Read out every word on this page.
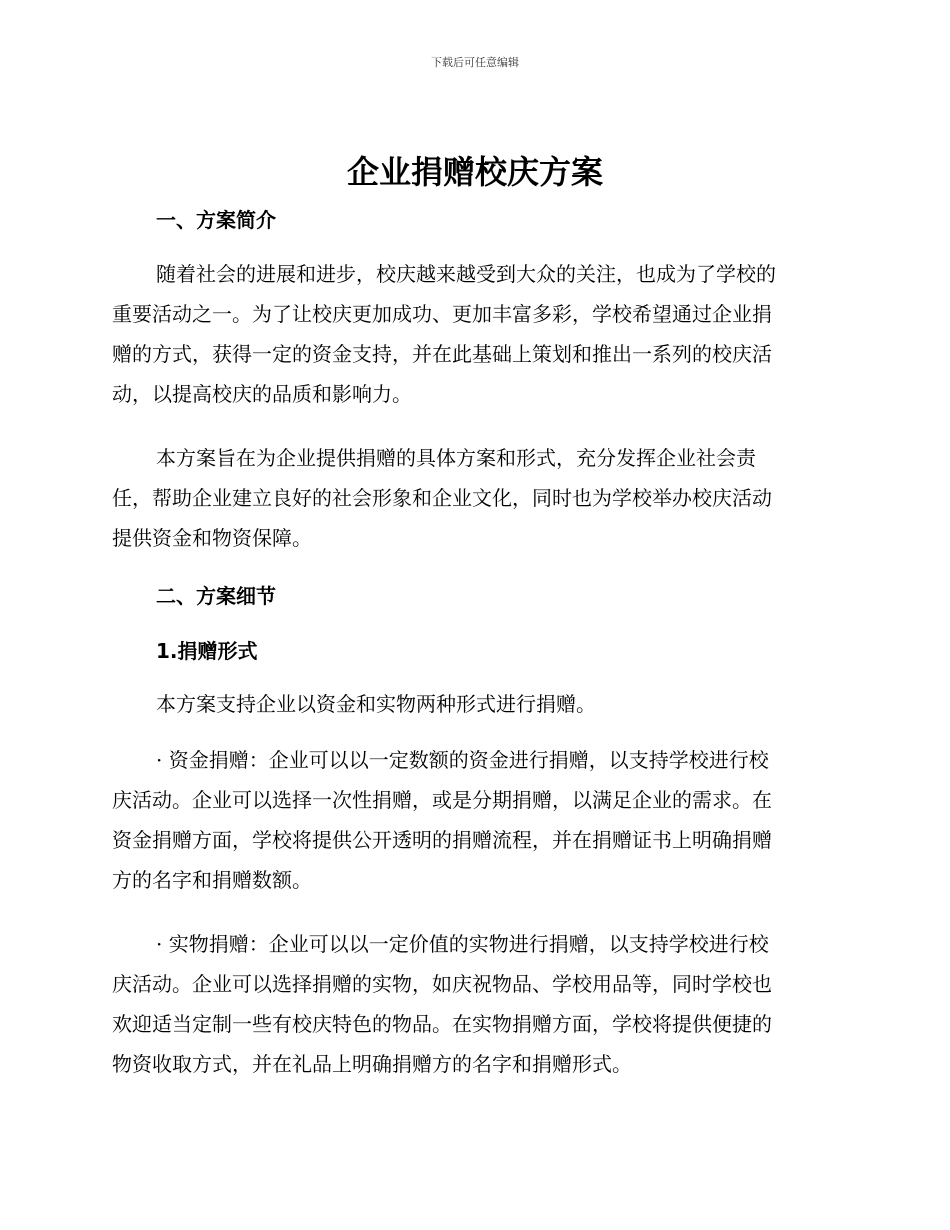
下载后可任意编辑
企业捐赠校庆方案
一、方案简介
随着社会的进展和进步，校庆越来越受到大众的关注，也成为了学校的
重要活动之一。为了让校庆更加成功、更加丰富多彩，学校希望通过企业捐
赠的方式，获得一定的资金支持，并在此基础上策划和推出一系列的校庆活
动，以提高校庆的品质和影响力。
本方案旨在为企业提供捐赠的具体方案和形式，充分发挥企业社会责
任，帮助企业建立良好的社会形象和企业文化，同时也为学校举办校庆活动
提供资金和物资保障。
二、方案细节
1.捐赠形式
本方案支持企业以资金和实物两种形式进行捐赠。
· 资金捐赠：企业可以以一定数额的资金进行捐赠，以支持学校进行校
庆活动。企业可以选择一次性捐赠，或是分期捐赠，以满足企业的需求。在
资金捐赠方面，学校将提供公开透明的捐赠流程，并在捐赠证书上明确捐赠
方的名字和捐赠数额。
· 实物捐赠：企业可以以一定价值的实物进行捐赠，以支持学校进行校
庆活动。企业可以选择捐赠的实物，如庆祝物品、学校用品等，同时学校也
欢迎适当定制一些有校庆特色的物品。在实物捐赠方面，学校将提供便捷的
物资收取方式，并在礼品上明确捐赠方的名字和捐赠形式。
